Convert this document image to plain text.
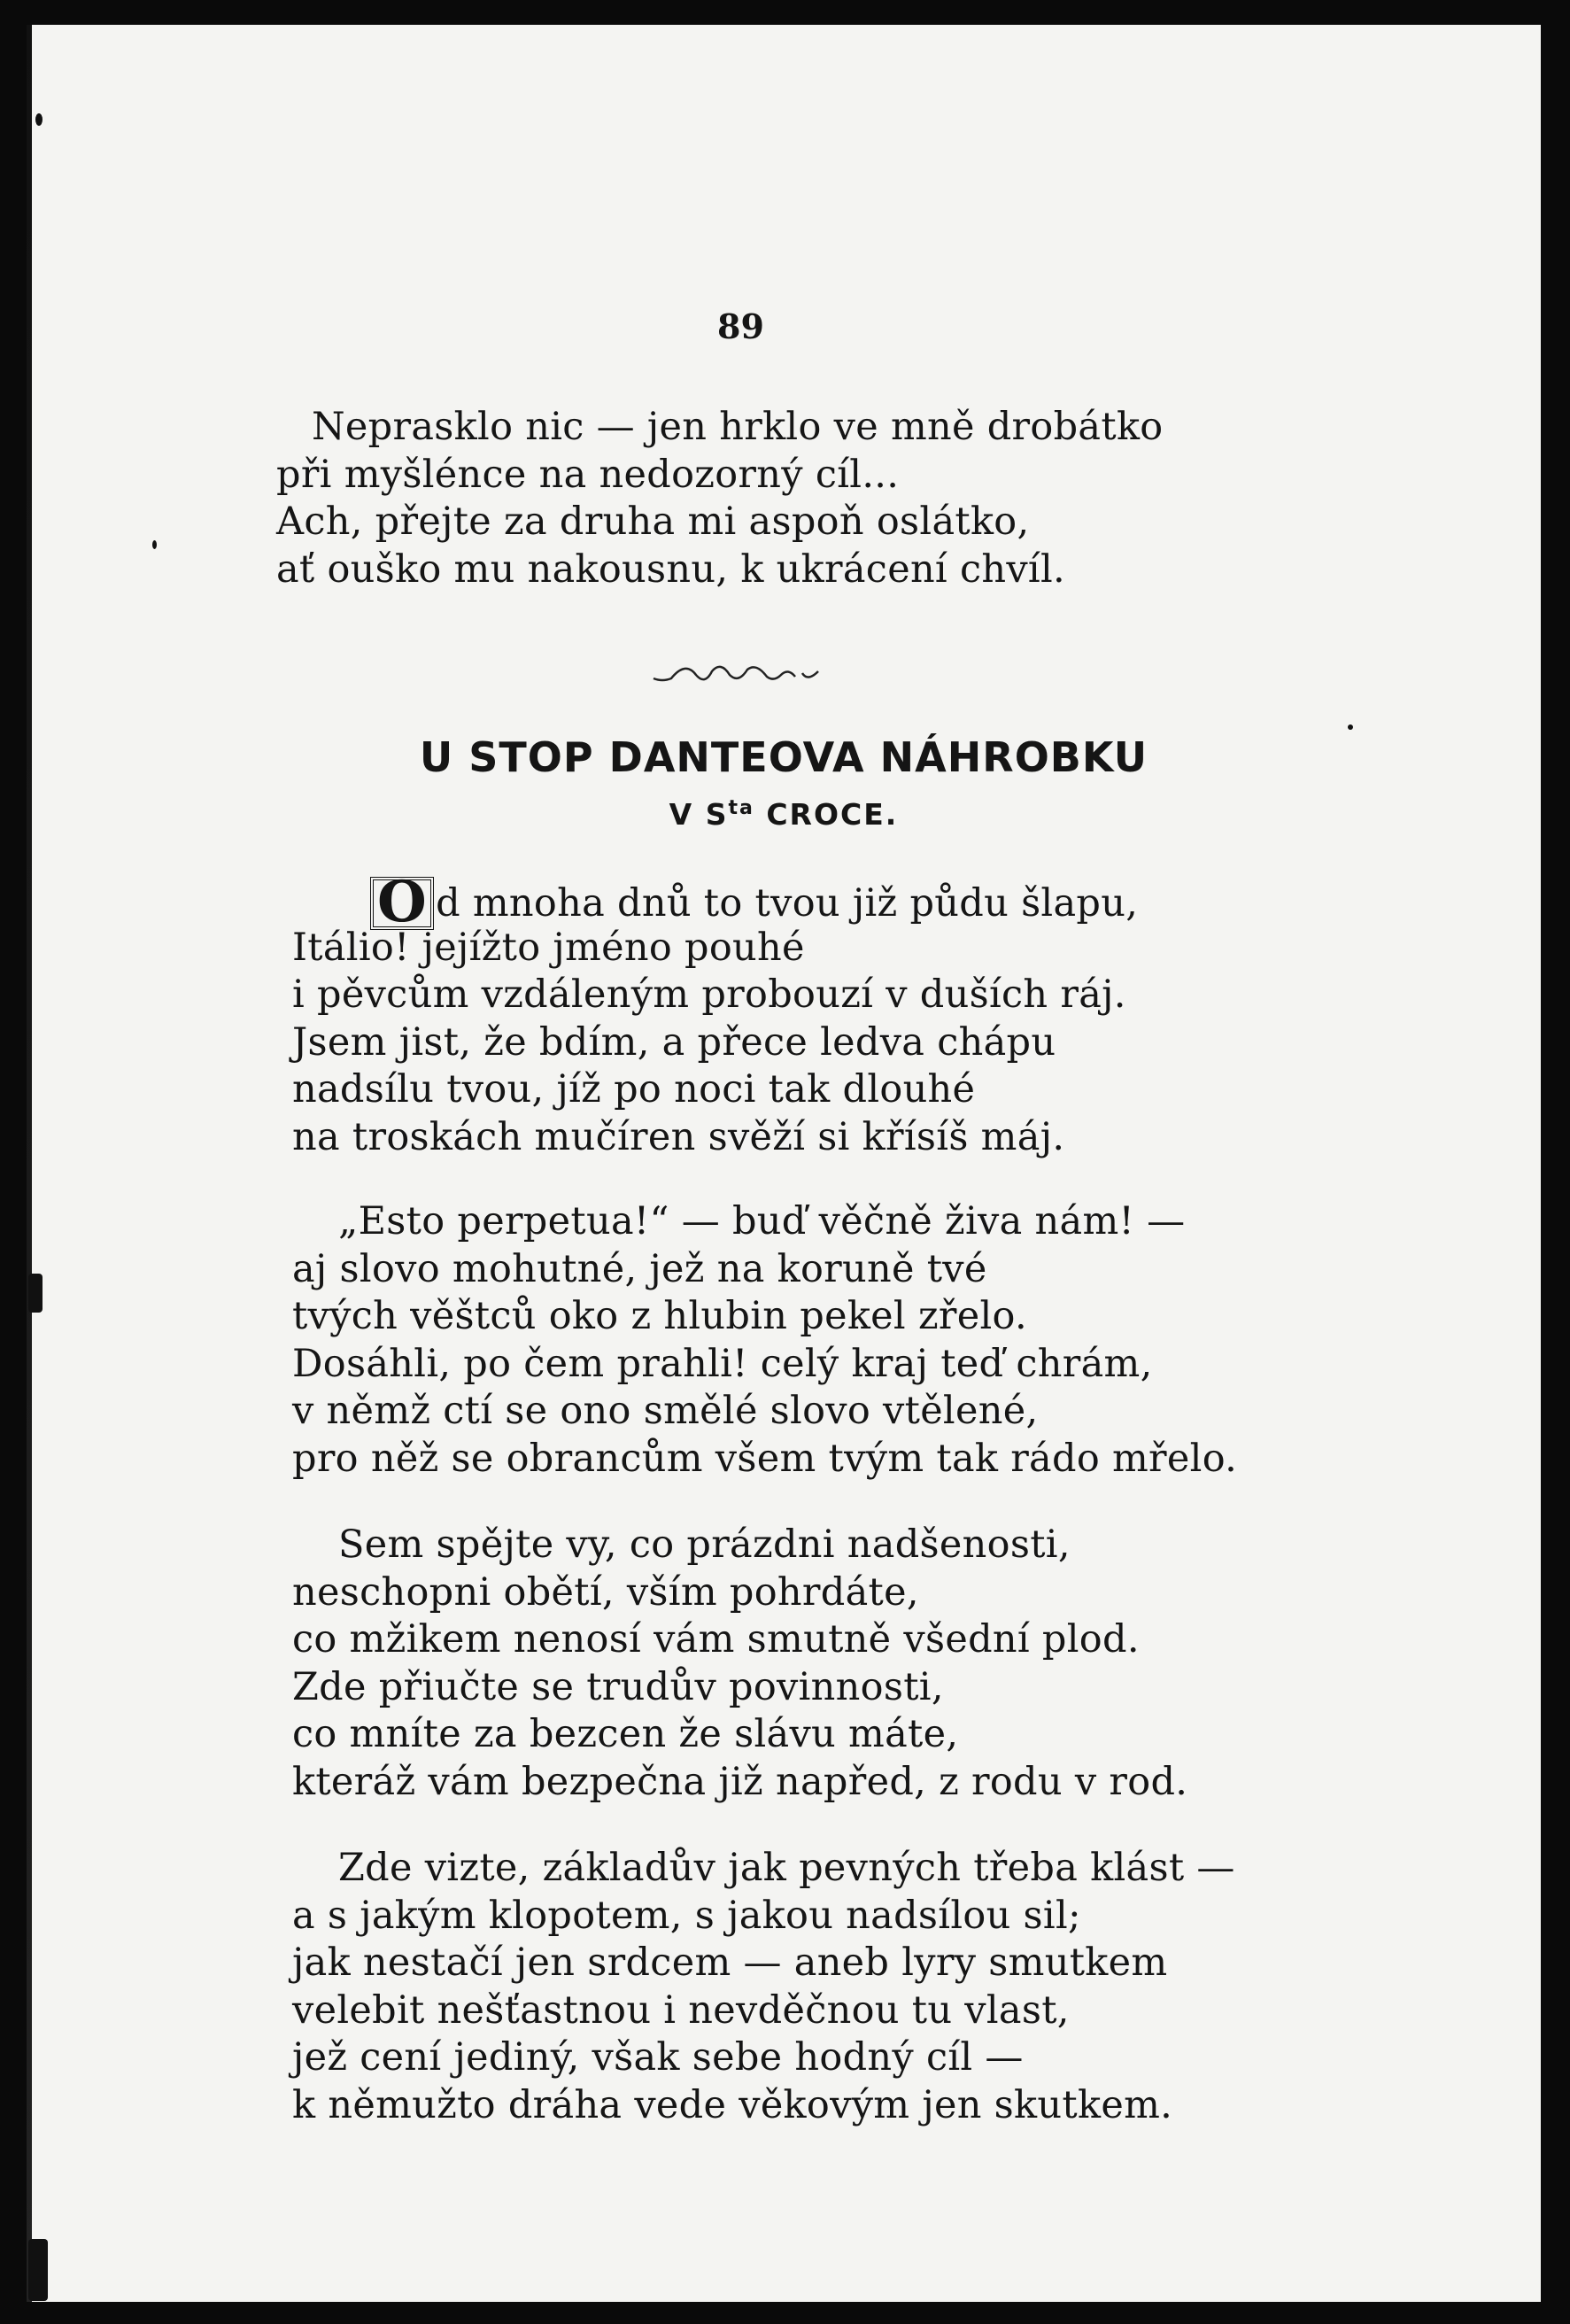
89
Neprasklo nic — jen hrklo ve mně drobátko
při myšlénce na nedozorný cíl...
Ach, přejte za druha mi aspoň oslátko,
ať ouško mu nakousnu, k ukrácení chvíl.
U STOP DANTEOVA NÁHROBKU
V $S^{ta}$ CROCE.
O d mnoha dnů to tvou již půdu šlapu,
Itálio! jejížto jméno pouhé
i pěvcům vzdáleným probouzí v duších ráj.
Jsem jist, že bdím, a přece ledva chápu
nadsílu tvou, jíž po noci tak dlouhé
na troskách mučíren svěží si křísíš máj.
„Esto perpetua!“ — buď věčně živa nám! —
aj slovo mohutné, jež na koruně tvé
tvých věštců oko z hlubin pekel zřelo.
Dosáhli, po čem prahli! celý kraj teď chrám,
v němž ctí se ono smělé slovo vtělené,
pro něž se obrancům všem tvým tak rádo mřelo.
Sem spějte vy, co prázdni nadšenosti,
neschopni obětí, vším pohrdáte,
co mžikem nenosí vám smutně všední plod.
Zde přiučte se trudův povinnosti,
co mníte za bezcen že slávu máte,
kteráž vám bezpečna již napřed, z rodu v rod.
Zde vizte, základův jak pevných třeba klást —
a s jakým klopotem, s jakou nadsílou sil;
jak nestačí jen srdcem — aneb lyry smutkem
velebit nešťastnou i nevděčnou tu vlast,
jež cení jediný, však sebe hodný cíl —
k němužto dráha vede věkovým jen skutkem.
